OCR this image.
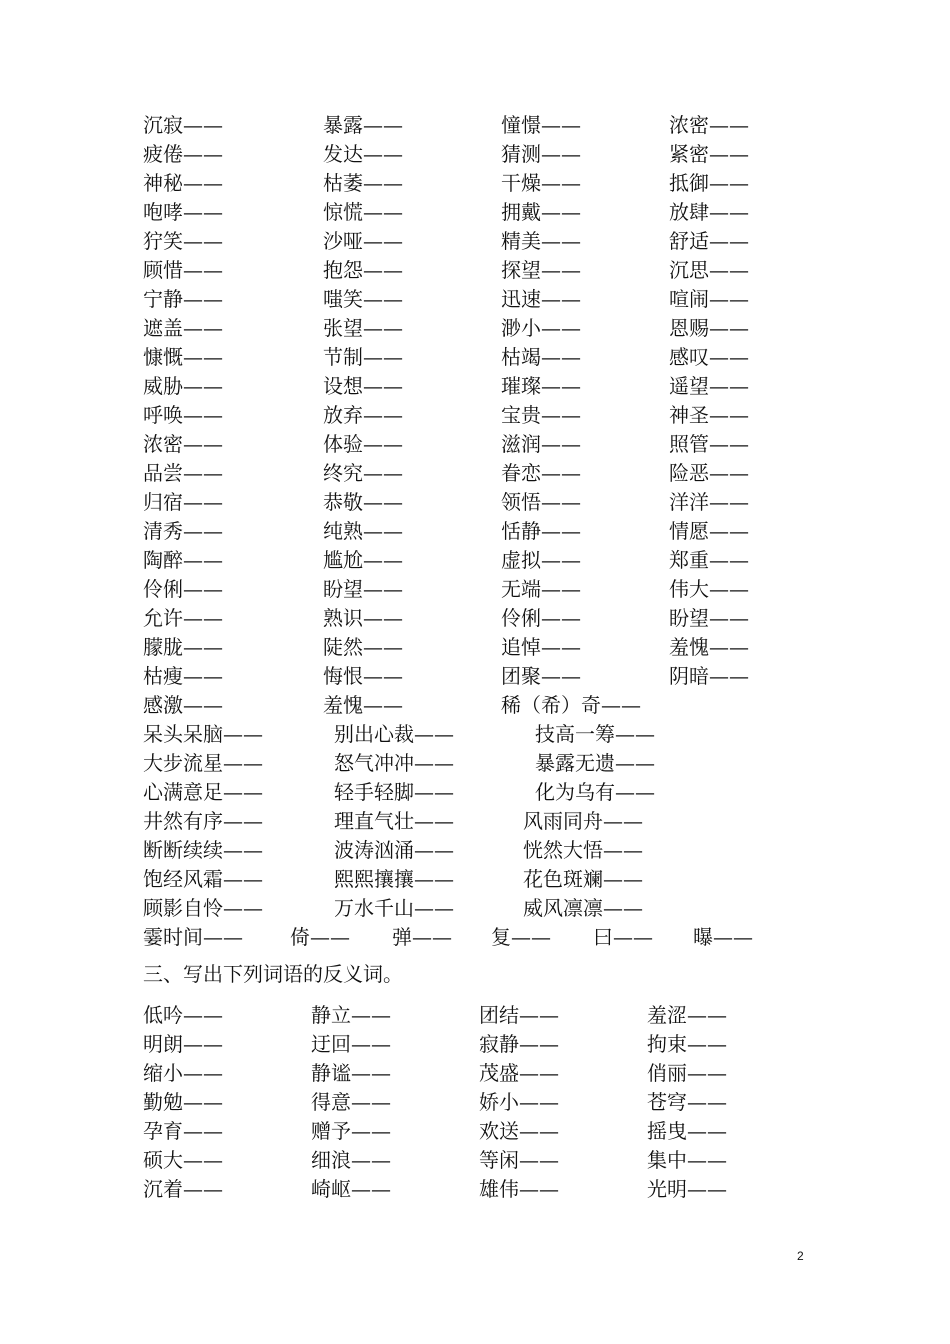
沉寂——	暴露——	憧憬——	浓密——
疲倦——	发达——	猜测——	紧密——
神秘——	枯萎——	干燥——	抵御——
咆哮——	惊慌——	拥戴——	放肆——
狞笑——	沙哑——	精美——	舒适——
顾惜——	抱怨——	探望——	沉思——
宁静——	嗤笑——	迅速——	喧闹——
遮盖——	张望——	渺小——	恩赐——
慷慨——	节制——	枯竭——	感叹——
威胁——	设想——	璀璨——	遥望——
呼唤——	放弃——	宝贵——	神圣——
浓密——	体验——	滋润——	照管——
品尝——	终究——	眷恋——	险恶——
归宿——	恭敬——	领悟——	洋洋——
清秀——	纯熟——	恬静——	情愿——
陶醉——	尴尬——	虚拟——	郑重——
伶俐——	盼望——	无端——	伟大——
允许——	熟识——	伶俐——	盼望——
朦胧——	陡然——	追悼——	羞愧——
枯瘦——	悔恨——	团聚——	阴暗——
感激——	羞愧——	稀（希）奇——
呆头呆脑——	别出心裁——	技高一筹——
大步流星——	怒气冲冲——	暴露无遗——
心满意足——	轻手轻脚——	化为乌有——
井然有序——	理直气壮——	风雨同舟——
断断续续——	波涛汹涌——	恍然大悟——
饱经风霜——	熙熙攘攘——	花色斑斓——
顾影自怜——	万水千山——	威风凛凛——
霎时间—— 倚—— 弹—— 复—— 曰—— 曝——
三、写出下列词语的反义词。
低吟——	静立——	团结——	羞涩——
明朗——	迂回——	寂静——	拘束——
缩小——	静谧——	茂盛——	俏丽——
勤勉——	得意——	娇小——	苍穹——
孕育——	赠予——	欢送——	摇曳——
硕大——	细浪——	等闲——	集中——
沉着——	崎岖——	雄伟——	光明——
2
